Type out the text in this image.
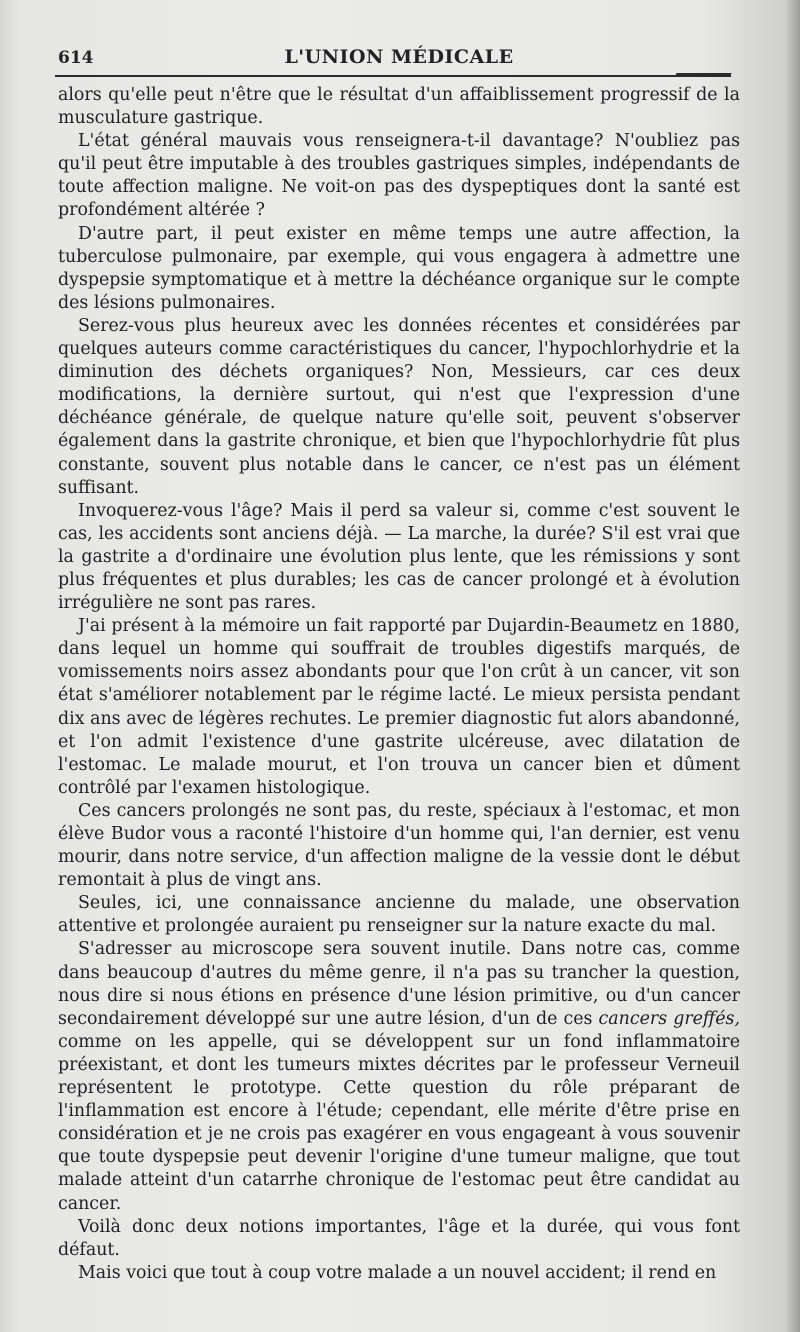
614	L'UNION MÉDICALE

alors qu'elle peut n'être que le résultat d'un affaiblissement progressif de la musculature gastrique.

L'état général mauvais vous renseignera-t-il davantage? N'oubliez pas qu'il peut être imputable à des troubles gastriques simples, indépendants de toute affection maligne. Ne voit-on pas des dyspeptiques dont la santé est profondément altérée ?

D'autre part, il peut exister en même temps une autre affection, la tuberculose pulmonaire, par exemple, qui vous engagera à admettre une dyspepsie symptomatique et à mettre la déchéance organique sur le compte des lésions pulmonaires.

Serez-vous plus heureux avec les données récentes et considérées par quelques auteurs comme caractéristiques du cancer, l'hypochlorhydrie et la diminution des déchets organiques? Non, Messieurs, car ces deux modifications, la dernière surtout, qui n'est que l'expression d'une déchéance générale, de quelque nature qu'elle soit, peuvent s'observer également dans la gastrite chronique, et bien que l'hypochlorhydrie fût plus constante, souvent plus notable dans le cancer, ce n'est pas un élément suffisant.

Invoquerez-vous l'âge? Mais il perd sa valeur si, comme c'est souvent le cas, les accidents sont anciens déjà. — La marche, la durée? S'il est vrai que la gastrite a d'ordinaire une évolution plus lente, que les rémissions y sont plus fréquentes et plus durables; les cas de cancer prolongé et à évolution irrégulière ne sont pas rares.

J'ai présent à la mémoire un fait rapporté par Dujardin-Beaumetz en 1880, dans lequel un homme qui souffrait de troubles digestifs marqués, de vomissements noirs assez abondants pour que l'on crût à un cancer, vit son état s'améliorer notablement par le régime lacté. Le mieux persista pendant dix ans avec de légères rechutes. Le premier diagnostic fut alors abandonné, et l'on admit l'existence d'une gastrite ulcéreuse, avec dilatation de l'estomac. Le malade mourut, et l'on trouva un cancer bien et dûment contrôlé par l'examen histologique.

Ces cancers prolongés ne sont pas, du reste, spéciaux à l'estomac, et mon élève Budor vous a raconté l'histoire d'un homme qui, l'an dernier, est venu mourir, dans notre service, d'un affection maligne de la vessie dont le début remontait à plus de vingt ans.

Seules, ici, une connaissance ancienne du malade, une observation attentive et prolongée auraient pu renseigner sur la nature exacte du mal.

S'adresser au microscope sera souvent inutile. Dans notre cas, comme dans beaucoup d'autres du même genre, il n'a pas su trancher la question, nous dire si nous étions en présence d'une lésion primitive, ou d'un cancer secondairement développé sur une autre lésion, d'un de ces cancers greffés, comme on les appelle, qui se développent sur un fond inflammatoire préexistant, et dont les tumeurs mixtes décrites par le professeur Verneuil représentent le prototype. Cette question du rôle préparant de l'inflammation est encore à l'étude; cependant, elle mérite d'être prise en considération et je ne crois pas exagérer en vous engageant à vous souvenir que toute dyspepsie peut devenir l'origine d'une tumeur maligne, que tout malade atteint d'un catarrhe chronique de l'estomac peut être candidat au cancer.

Voilà donc deux notions importantes, l'âge et la durée, qui vous font défaut.

Mais voici que tout à coup votre malade a un nouvel accident; il rend en
